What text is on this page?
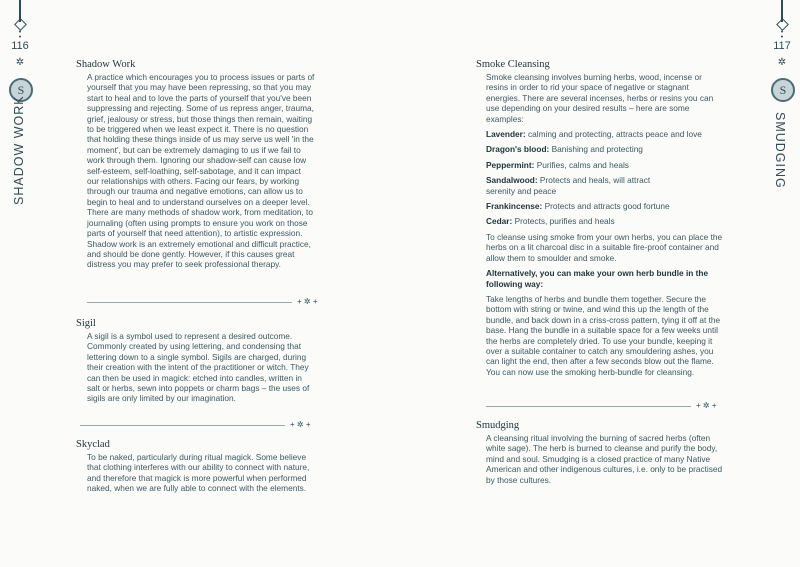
•
•
116
✲
S
SHADOW WORK
•
•
117
✲
S
SMUDGING
Shadow Work

A practice which encourages you to process issues or parts of yourself that you may have been repressing, so that you may start to heal and to love the parts of yourself that you've been suppressing and rejecting. Some of us repress anger, trauma, grief, jealousy or stress, but those things then remain, waiting to be triggered when we least expect it. There is no question that holding these things inside of us may serve us well 'in the moment', but can be extremely damaging to us if we fail to work through them. Ignoring our shadow-self can cause low self-esteem, self-loathing, self-sabotage, and it can impact our relationships with others. Facing our fears, by working through our trauma and negative emotions, can allow us to begin to heal and to understand ourselves on a deeper level. There are many methods of shadow work, from meditation, to journaling (often using prompts to ensure you work on those parts of yourself that need attention), to artistic expression. Shadow work is an extremely emotional and difficult practice, and should be done gently. However, if this causes great distress you may prefer to seek professional therapy.

+ ✲ +
Sigil

A sigil is a symbol used to represent a desired outcome. Commonly created by using lettering, and condensing that lettering down to a single symbol. Sigils are charged, during their creation with the intent of the practitioner or witch. They can then be used in magick: etched into candles, written in salt or herbs, sewn into poppets or charm bags – the uses of sigils are only limited by our imagination.

+ ✲ +
Skyclad

To be naked, particularly during ritual magick. Some believe that clothing interferes with our ability to connect with nature, and therefore that magick is more powerful when performed naked, when we are fully able to connect with the elements.

Smoke Cleansing

Smoke cleansing involves burning herbs, wood, incense or resins in order to rid your space of negative or stagnant energies. There are several incenses, herbs or resins you can use depending on your desired results – here are some examples:

Lavender: calming and protecting, attracts peace and love

Dragon's blood: Banishing and protecting

Peppermint: Purifies, calms and heals

Sandalwood: Protects and heals, will attract serenity and peace

Frankincense: Protects and attracts good fortune

Cedar: Protects, purifies and heals

To cleanse using smoke from your own herbs, you can place the herbs on a lit charcoal disc in a suitable fire-proof container and allow them to smoulder and smoke.

Alternatively, you can make your own herb bundle in the following way:

Take lengths of herbs and bundle them together. Secure the bottom with string or twine, and wind this up the length of the bundle, and back down in a criss-cross pattern, tying it off at the base. Hang the bundle in a suitable space for a few weeks until the herbs are completely dried. To use your bundle, keeping it over a suitable container to catch any smouldering ashes, you can light the end, then after a few seconds blow out the flame. You can now use the smoking herb-bundle for cleansing.

+ ✲ +
Smudging

A cleansing ritual involving the burning of sacred herbs (often white sage). The herb is burned to cleanse and purify the body, mind and soul. Smudging is a closed practice of many Native American and other indigenous cultures, i.e. only to be practised by those cultures.
